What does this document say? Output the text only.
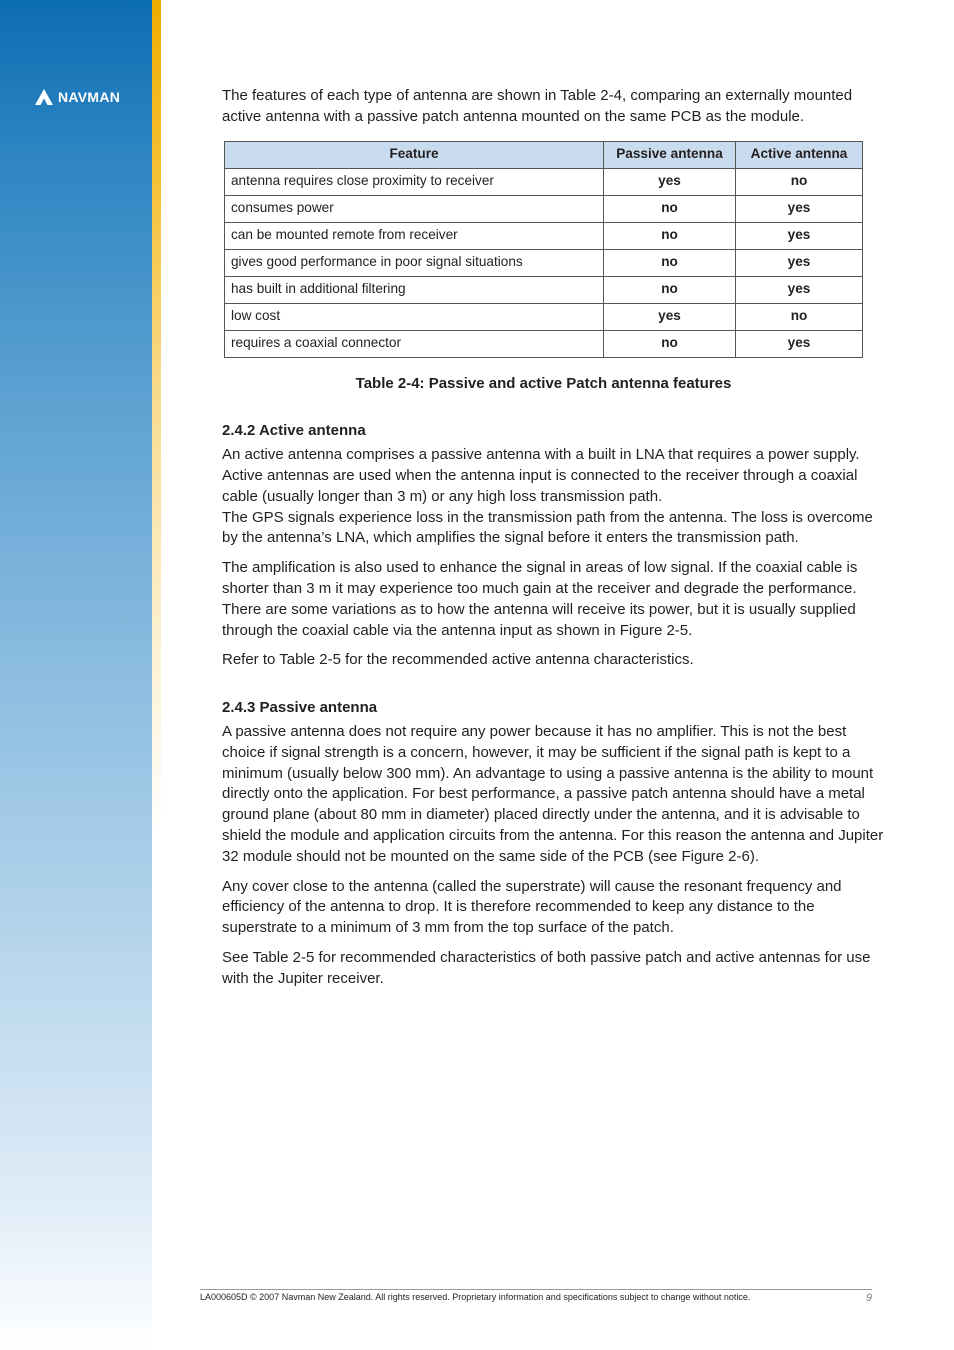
NAVMAN	The features of each type of antenna are shown in Table 2-4, comparing an externally mounted active antenna with a passive patch antenna mounted on the same PCB as the module.

Feature	Passive antenna	Active antenna
antenna requires close proximity to receiver	yes	no
consumes power	no	yes
can be mounted remote from receiver	no	yes
gives good performance in poor signal situations	no	yes
has built in additional filtering	no	yes
low cost	yes	no
requires a coaxial connector	no	yes
Table 2-4: Passive and active Patch antenna features
2.4.2 Active antenna

An active antenna comprises a passive antenna with a built in LNA that requires a power supply. Active antennas are used when the antenna input is connected to the receiver through a coaxial cable (usually longer than 3 m) or any high loss transmission path.

The GPS signals experience loss in the transmission path from the antenna. The loss is overcome by the antenna’s LNA, which amplifies the signal before it enters the transmission path.

The amplification is also used to enhance the signal in areas of low signal. If the coaxial cable is shorter than 3 m it may experience too much gain at the receiver and degrade the performance. There are some variations as to how the antenna will receive its power, but it is usually supplied through the coaxial cable via the antenna input as shown in Figure 2-5.

Refer to Table 2-5 for the recommended active antenna characteristics.

2.4.3 Passive antenna

A passive antenna does not require any power because it has no amplifier. This is not the best choice if signal strength is a concern, however, it may be sufficient if the signal path is kept to a minimum (usually below 300 mm). An advantage to using a passive antenna is the ability to mount directly onto the application. For best performance, a passive patch antenna should have a metal ground plane (about 80 mm in diameter) placed directly under the antenna, and it is advisable to shield the module and application circuits from the antenna. For this reason the antenna and Jupiter 32 module should not be mounted on the same side of the PCB (see Figure 2-6).

Any cover close to the antenna (called the superstrate) will cause the resonant frequency and efficiency of the antenna to drop. It is therefore recommended to keep any distance to the superstrate to a minimum of 3 mm from the top surface of the patch.

See Table 2-5 for recommended characteristics of both passive patch and active antennas for use with the Jupiter receiver.

LA000605D © 2007 Navman New Zealand. All rights reserved. Proprietary information and specifications subject to change without notice.	9
